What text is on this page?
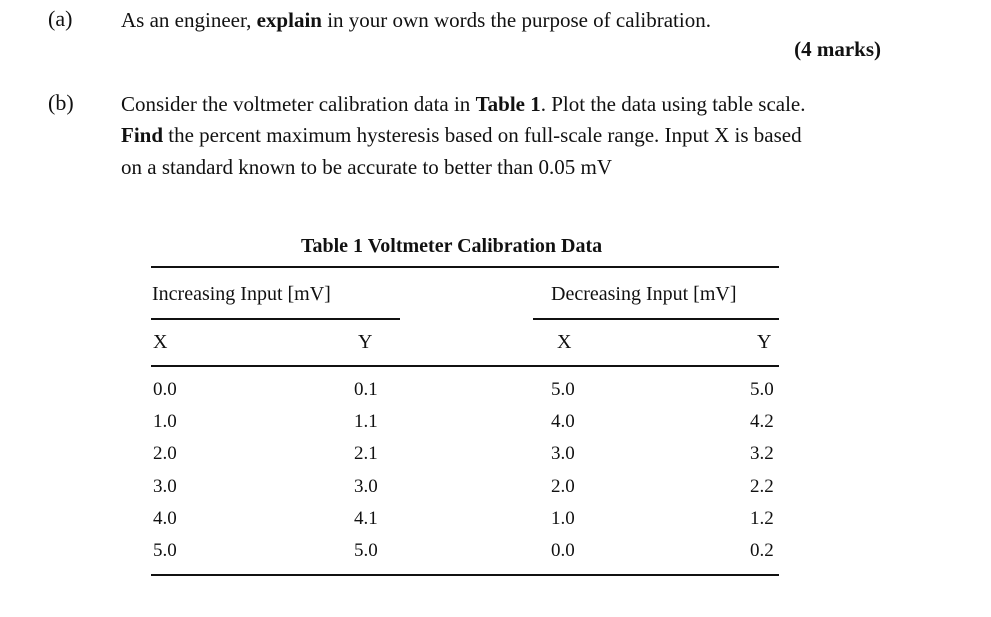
(a) As an engineer, explain in your own words the purpose of calibration.
(4 marks)
(b) Consider the voltmeter calibration data in Table 1. Plot the data using table scale.
Find the percent maximum hysteresis based on full-scale range. Input X is based
on a standard known to be accurate to better than 0.05 mV
Table 1 Voltmeter Calibration Data
Increasing Input [mV]	Decreasing Input [mV]
X	Y	X	Y
0.0	0.1	5.0	5.0
1.0	1.1	4.0	4.2
2.0	2.1	3.0	3.2
3.0	3.0	2.0	2.2
4.0	4.1	1.0	1.2
5.0	5.0	0.0	0.2
